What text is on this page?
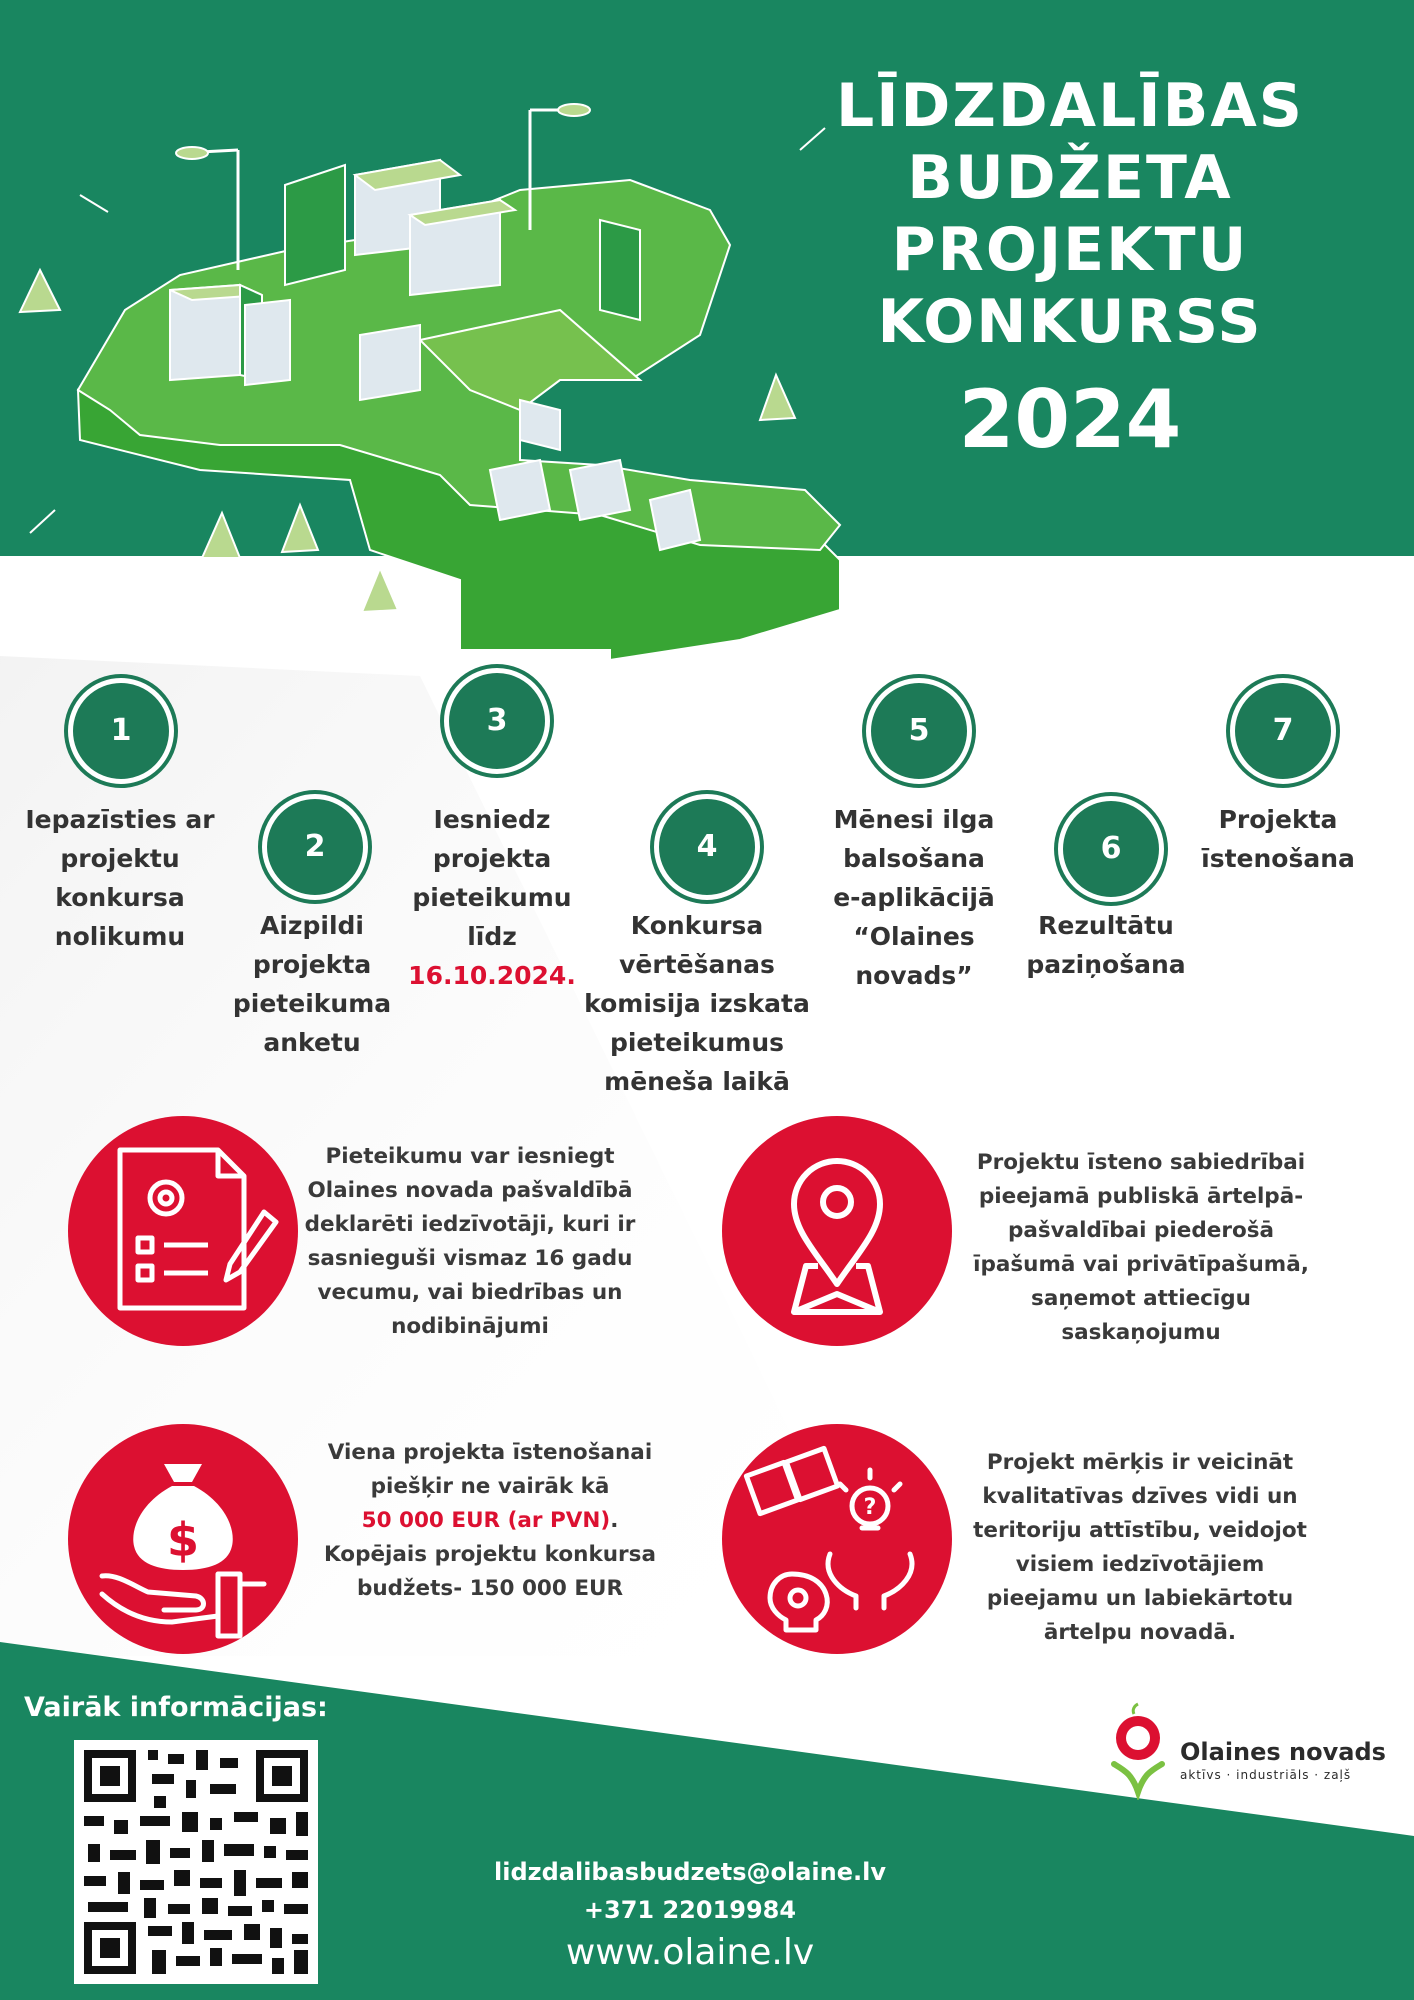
LĪDZDALĪBAS
BUDŽETA
PROJEKTU
KONKURSS
2024
1
2
3
4
5
6
7
Iepazīsties ar
projektu
konkursa
nolikumu	Aizpildi
projekta
pieteikuma
anketu
Iesniedz
projekta
pieteikumu
līdz
16.10.2024.
Konkursa
vērtēšanas
komisija izskata
pieteikumus
mēneša laikā
Mēnesi ilga
balsošana
e-aplikācijā
“Olaines
novads”
Rezultātu
paziņošana
Projekta
īstenošana
$
?
Pieteikumu var iesniegt
Olaines novada pašvaldībā
deklarēti iedzīvotāji, kuri ir
sasnieguši vismaz 16 gadu
vecumu, vai biedrības un
nodibinājumi
Projektu īsteno sabiedrībai
pieejamā publiskā ārtelpā-
pašvaldībai piederošā
īpašumā vai privātīpašumā,
saņemot attiecīgu
saskaņojumu
Viena projekta īstenošanai
piešķir ne vairāk kā
50 000 EUR (ar PVN).
Kopējais projektu konkursa
budžets- 150 000 EUR
Projekt mērķis ir veicināt
kvalitatīvas dzīves vidi un
teritoriju attīstību, veidojot
visiem iedzīvotājiem
pieejamu un labiekārtotu
ārtelpu novadā.
Olaines novads
aktīvs · industriāls · zaļš
Vairāk informācijas:
lidzdalibasbudzets@olaine.lv
+371 22019984
www.olaine.lv
